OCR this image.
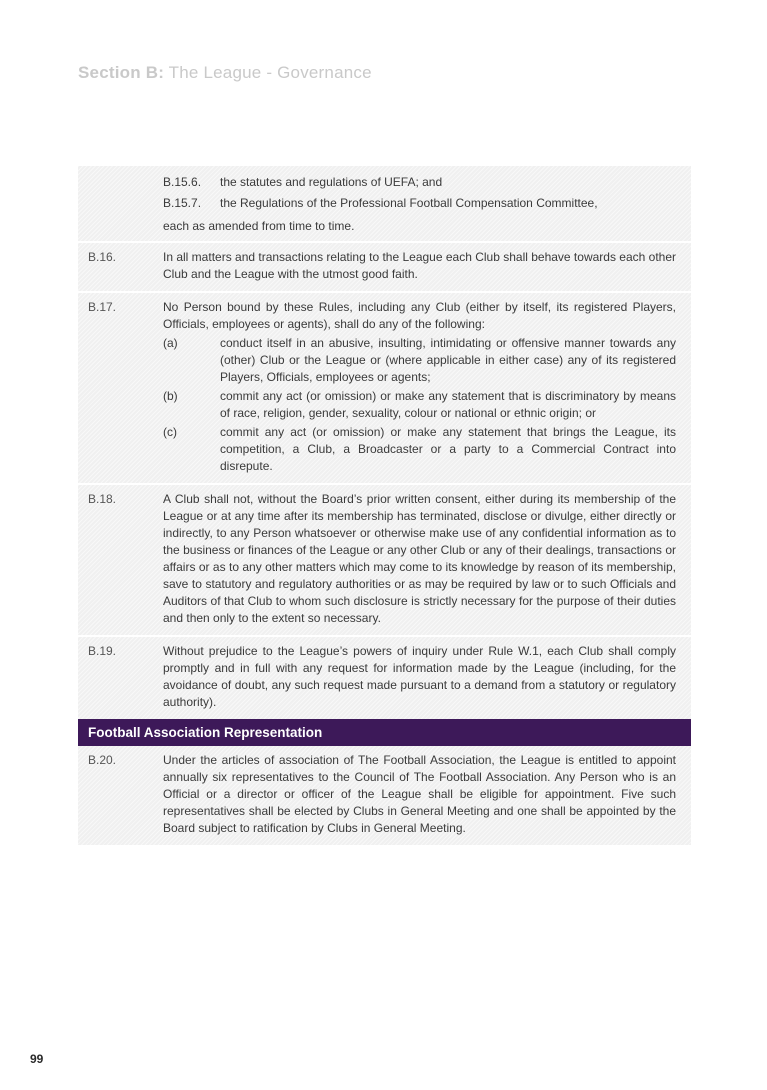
Section B: The League - Governance
B.15.6.	the statutes and regulations of UEFA; and
B.15.7.	the Regulations of the Professional Football Compensation Committee,
each as amended from time to time.
B.16.	In all matters and transactions relating to the League each Club shall behave towards each other Club and the League with the utmost good faith.
B.17.	No Person bound by these Rules, including any Club (either by itself, its registered Players, Officials, employees or agents), shall do any of the following:
(a)	conduct itself in an abusive, insulting, intimidating or offensive manner towards any (other) Club or the League or (where applicable in either case) any of its registered Players, Officials, employees or agents;
(b)	commit any act (or omission) or make any statement that is discriminatory by means of race, religion, gender, sexuality, colour or national or ethnic origin; or
(c)	commit any act (or omission) or make any statement that brings the League, its competition, a Club, a Broadcaster or a party to a Commercial Contract into disrepute.
B.18.	A Club shall not, without the Board’s prior written consent, either during its membership of the League or at any time after its membership has terminated, disclose or divulge, either directly or indirectly, to any Person whatsoever or otherwise make use of any confidential information as to the business or finances of the League or any other Club or any of their dealings, transactions or affairs or as to any other matters which may come to its knowledge by reason of its membership, save to statutory and regulatory authorities or as may be required by law or to such Officials and Auditors of that Club to whom such disclosure is strictly necessary for the purpose of their duties and then only to the extent so necessary.
B.19.	Without prejudice to the League’s powers of inquiry under Rule W.1, each Club shall comply promptly and in full with any request for information made by the League (including, for the avoidance of doubt, any such request made pursuant to a demand from a statutory or regulatory authority).
Football Association Representation
B.20.	Under the articles of association of The Football Association, the League is entitled to appoint annually six representatives to the Council of The Football Association. Any Person who is an Official or a director or officer of the League shall be eligible for appointment. Five such representatives shall be elected by Clubs in General Meeting and one shall be appointed by the Board subject to ratification by Clubs in General Meeting.
99
